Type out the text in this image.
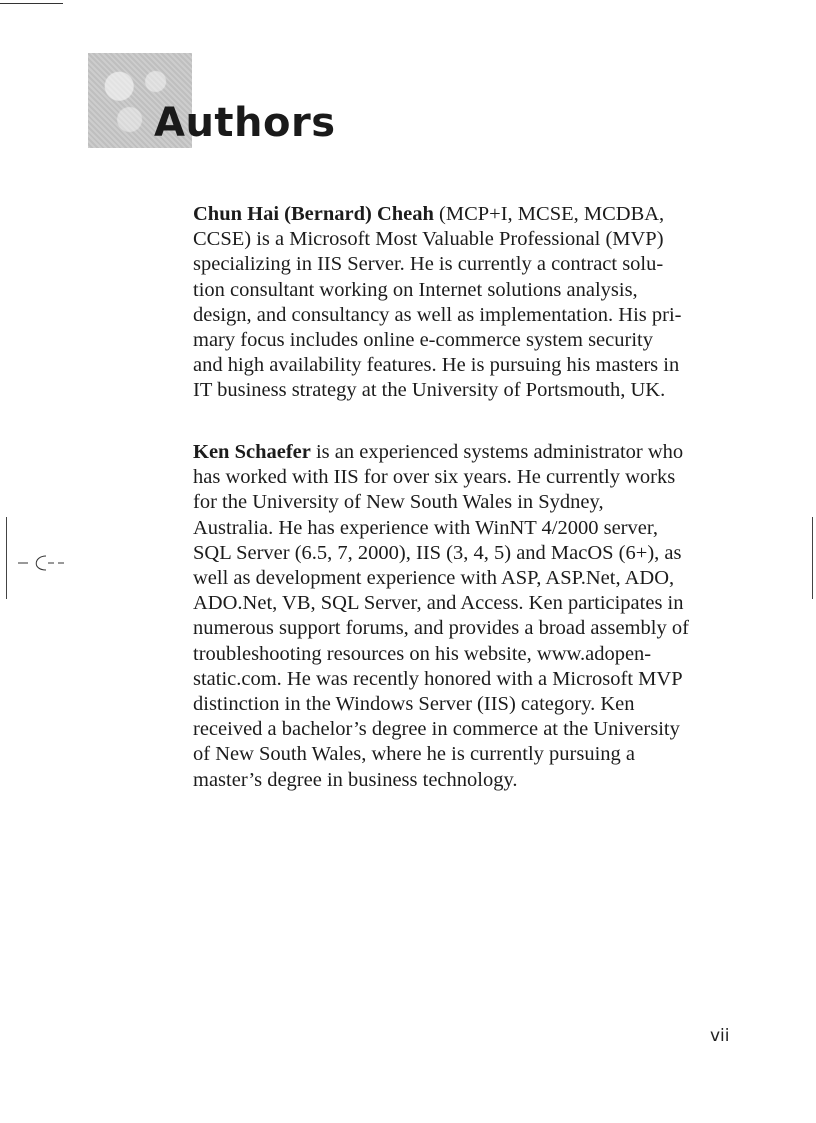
Authors

Chun Hai (Bernard) Cheah (MCP+I, MCSE, MCDBA,
CCSE) is a Microsoft Most Valuable Professional (MVP)
specializing in IIS Server. He is currently a contract solu-
tion consultant working on Internet solutions analysis,
design, and consultancy as well as implementation. His pri-
mary focus includes online e-commerce system security
and high availability features. He is pursuing his masters in
IT business strategy at the University of Portsmouth, UK.

Ken Schaefer is an experienced systems administrator who
has worked with IIS for over six years. He currently works
for the University of New South Wales in Sydney,
Australia. He has experience with WinNT 4/2000 server,
SQL Server (6.5, 7, 2000), IIS (3, 4, 5) and MacOS (6+), as
well as development experience with ASP, ASP.Net, ADO,
ADO.Net, VB, SQL Server, and Access. Ken participates in
numerous support forums, and provides a broad assembly of
troubleshooting resources on his website, www.adopen-
static.com. He was recently honored with a Microsoft MVP
distinction in the Windows Server (IIS) category. Ken
received a bachelor’s degree in commerce at the University
of New South Wales, where he is currently pursuing a
master’s degree in business technology.

vii
